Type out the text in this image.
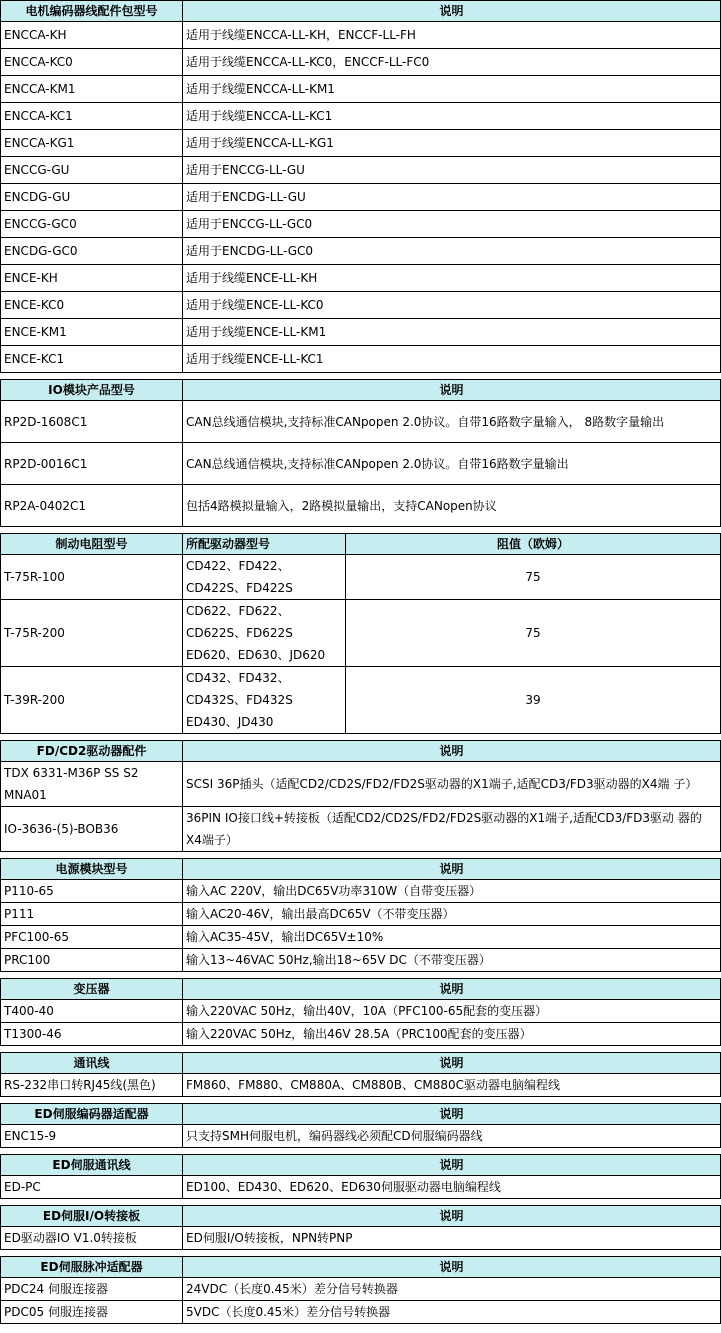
电机编码器线配件包型号	说明
ENCCA-KH	适用于线缆ENCCA-LL-KH，ENCCF-LL-FH
ENCCA-KC0	适用于线缆ENCCA-LL-KC0，ENCCF-LL-FC0
ENCCA-KM1	适用于线缆ENCCA-LL-KM1
ENCCA-KC1	适用于线缆ENCCA-LL-KC1
ENCCA-KG1	适用于线缆ENCCA-LL-KG1
ENCCG-GU	适用于ENCCG-LL-GU
ENCDG-GU	适用于ENCDG-LL-GU
ENCCG-GC0	适用于ENCCG-LL-GC0
ENCDG-GC0	适用于ENCDG-LL-GC0
ENCE-KH	适用于线缆ENCE-LL-KH
ENCE-KC0	适用于线缆ENCE-LL-KC0
ENCE-KM1	适用于线缆ENCE-LL-KM1
ENCE-KC1	适用于线缆ENCE-LL-KC1
IO模块产品型号	说明
RP2D-1608C1	CAN总线通信模块,支持标准CANpopen 2.0协议。自带16路数字量输入， 8路数字量输出
RP2D-0016C1	CAN总线通信模块,支持标准CANpopen 2.0协议。自带16路数字量输出
RP2A-0402C1	包括4路模拟量输入，2路模拟量输出，支持CANopen协议
制动电阻型号	所配驱动器型号	阻值（欧姆）
T-75R-100	CD422、FD422、 CD422S、FD422S	75
T-75R-200	CD622、FD622、 CD622S、FD622S ED620、ED630、JD620	75
T-39R-200	CD432、FD432、 CD432S、FD432S ED430、JD430	39
FD/CD2驱动器配件	说明
TDX 6331-M36P SS S2 MNA01	SCSI 36P插头（适配CD2/CD2S/FD2/FD2S驱动器的X1端子,适配CD3/FD3驱动器的X4端 子）
IO-3636-(5)-BOB36	36PIN IO接口线+转接板（适配CD2/CD2S/FD2/FD2S驱动器的X1端子,适配CD3/FD3驱动 器的X4端子）
电源模块型号	说明
P110-65	输入AC 220V，输出DC65V功率310W（自带变压器）
P111	输入AC20-46V，输出最高DC65V（不带变压器）
PFC100-65	输入AC35-45V，输出DC65V±10%
PRC100	输入13~46VAC 50Hz,输出18~65V DC（不带变压器）
变压器	说明
T400-40	输入220VAC 50Hz，输出40V，10A（PFC100-65配套的变压器）
T1300-46	输入220VAC 50Hz，输出46V 28.5A（PRC100配套的变压器）
通讯线	说明
RS-232串口转RJ45线(黑色)	FM860、FM880、CM880A、CM880B、CM880C驱动器电脑编程线
ED伺服编码器适配器	说明
ENC15-9	只支持SMH伺服电机，编码器线必须配CD伺服编码器线
ED伺服通讯线	说明
ED-PC	ED100、ED430、ED620、ED630伺服驱动器电脑编程线
ED伺服I/O转接板	说明
ED驱动器IO V1.0转接板	ED伺服I/O转接板，NPN转PNP
ED伺服脉冲适配器	说明
PDC24 伺服连接器	24VDC（长度0.45米）差分信号转换器
PDC05 伺服连接器	5VDC（长度0.45米）差分信号转换器
